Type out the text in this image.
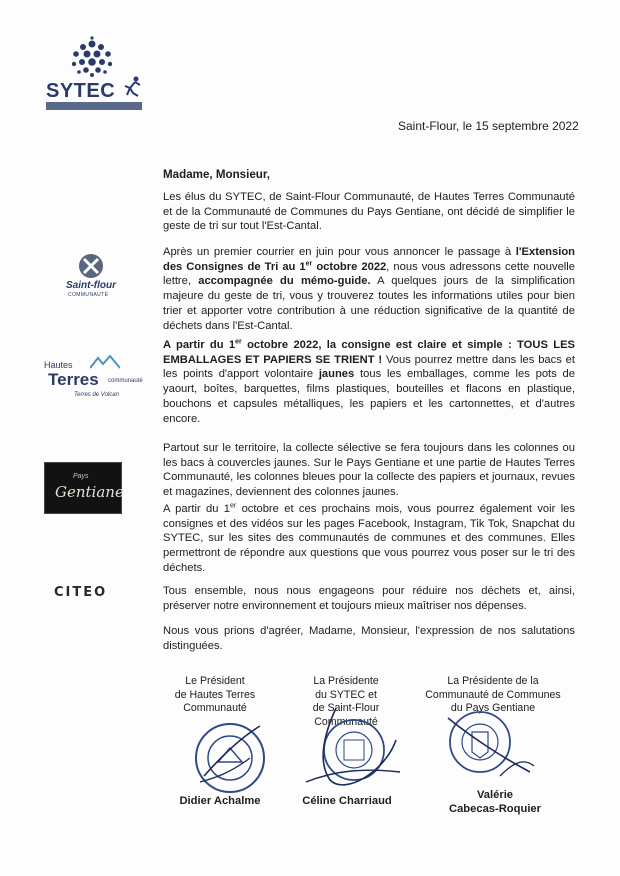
SYTEC
Saint-flour
COMMUNAUTÉ
Hautes
Terres communauté
Terres de Volcan
Pays
Gentiane
CITEO
Saint-Flour, le 15 septembre 2022
Madame, Monsieur,

Les élus du SYTEC, de Saint-Flour Communauté, de Hautes Terres Communauté et de la Communauté de Communes du Pays Gentiane, ont décidé de simplifier le geste de tri sur tout l'Est-Cantal.

Après un premier courrier en juin pour vous annoncer le passage à l'Extension des Consignes de Tri au 1er octobre 2022, nous vous adressons cette nouvelle lettre, accompagnée du mémo-guide. A quelques jours de la simplification majeure du geste de tri, vous y trouverez toutes les informations utiles pour bien trier et apporter votre contribution à une réduction significative de la quantité de déchets dans l'Est-Cantal.

A partir du 1er octobre 2022, la consigne est claire et simple : TOUS LES EMBALLAGES ET PAPIERS SE TRIENT ! Vous pourrez mettre dans les bacs et les points d'apport volontaire jaunes tous les emballages, comme les pots de yaourt, boîtes, barquettes, films plastiques, bouteilles et flacons en plastique, bouchons et capsules métalliques, les papiers et les cartonnettes, et d'autres encore.

Partout sur le territoire, la collecte sélective se fera toujours dans les colonnes ou les bacs à couvercles jaunes. Sur le Pays Gentiane et une partie de Hautes Terres Communauté, les colonnes bleues pour la collecte des papiers et journaux, revues et magazines, deviennent des colonnes jaunes.

A partir du 1er octobre et ces prochains mois, vous pourrez également voir les consignes et des vidéos sur les pages Facebook, Instagram, Tik Tok, Snapchat du SYTEC, sur les sites des communautés de communes et des communes. Elles permettront de répondre aux questions que vous pourrez vous poser sur le tri des déchets.

Tous ensemble, nous nous engageons pour réduire nos déchets et, ainsi, préserver notre environnement et toujours mieux maîtriser nos dépenses.

Nous vous prions d'agréer, Madame, Monsieur, l'expression de nos salutations distinguées.

Le Président
de Hautes Terres
Communauté
La Présidente
du SYTEC et
de Saint-Flour
Communauté
La Présidente de la
Communauté de Communes
du Pays Gentiane
Didier Achalme	Céline Charriaud	Valérie
Cabecas-Roquier
